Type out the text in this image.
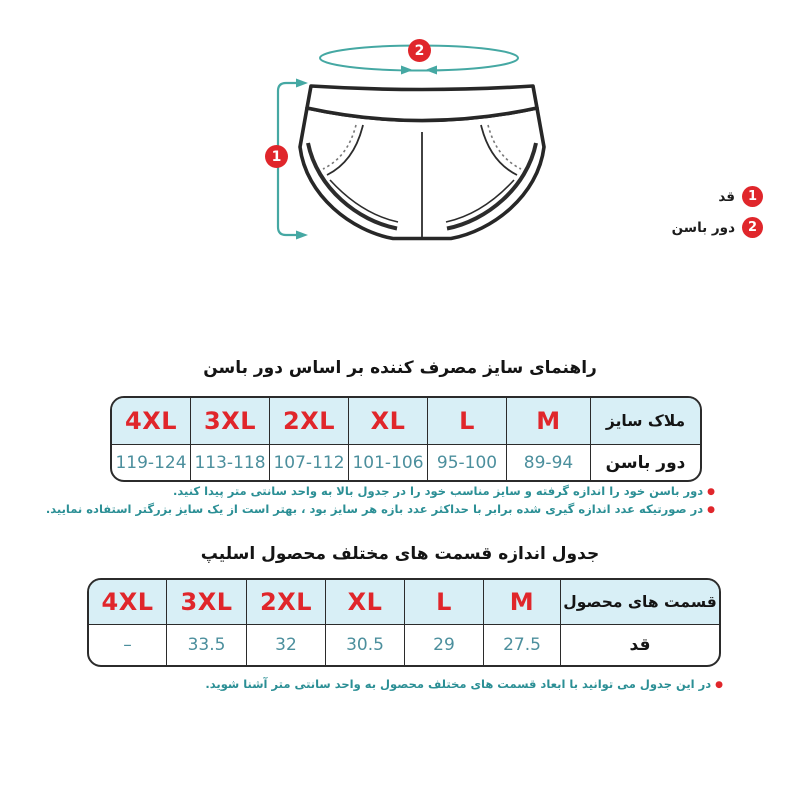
1
2
1
قد
2
دور باسن
راهنمای سایز مصرف کننده بر اساس دور باسن
4XL	3XL	2XL	XL	L	M	ملاک سایز
119-124 113-118 107-112 101-106 95-100	89-94	دور باسن
●دور باسن خود را اندازه گرفته و سایز مناسب خود را در جدول بالا به واحد سانتی متر پیدا کنید.
●در صورتیکه عدد اندازه گیری شده برابر با حداکثر عدد بازه هر سایز بود ، بهتر است از یک سایز بزرگتر استفاده نمایید.
جدول اندازه قسمت های مختلف محصول اسلیپ
4XL	3XL	2XL	XL	L	M	قسمت های محصول
–	33.5	32	30.5	29	27.5	قد
●در این جدول می توانید با ابعاد قسمت های مختلف محصول به واحد سانتی متر آشنا شوید.
